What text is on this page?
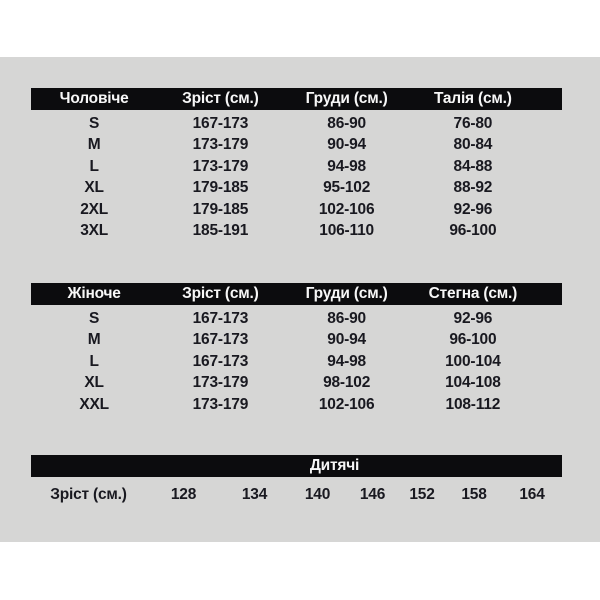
Чоловіче	Зріст (см.)	Груди (см.)	Талія (см.)
S	167-173	86-90	76-80
M	173-179	90-94	80-84
L	173-179	94-98	84-88
XL	179-185	95-102	88-92
2XL	179-185	102-106	92-96
3XL	185-191	106-110	96-100
Жіноче	Зріст (см.)	Груди (см.)	Стегна (см.)
S	167-173	86-90	92-96
M	167-173	90-94	96-100
L	167-173	94-98	100-104
XL	173-179	98-102	104-108
XXL	173-179	102-106	108-112
Дитячі
Зріст (см.)	128	134	140	146	152	158	164
